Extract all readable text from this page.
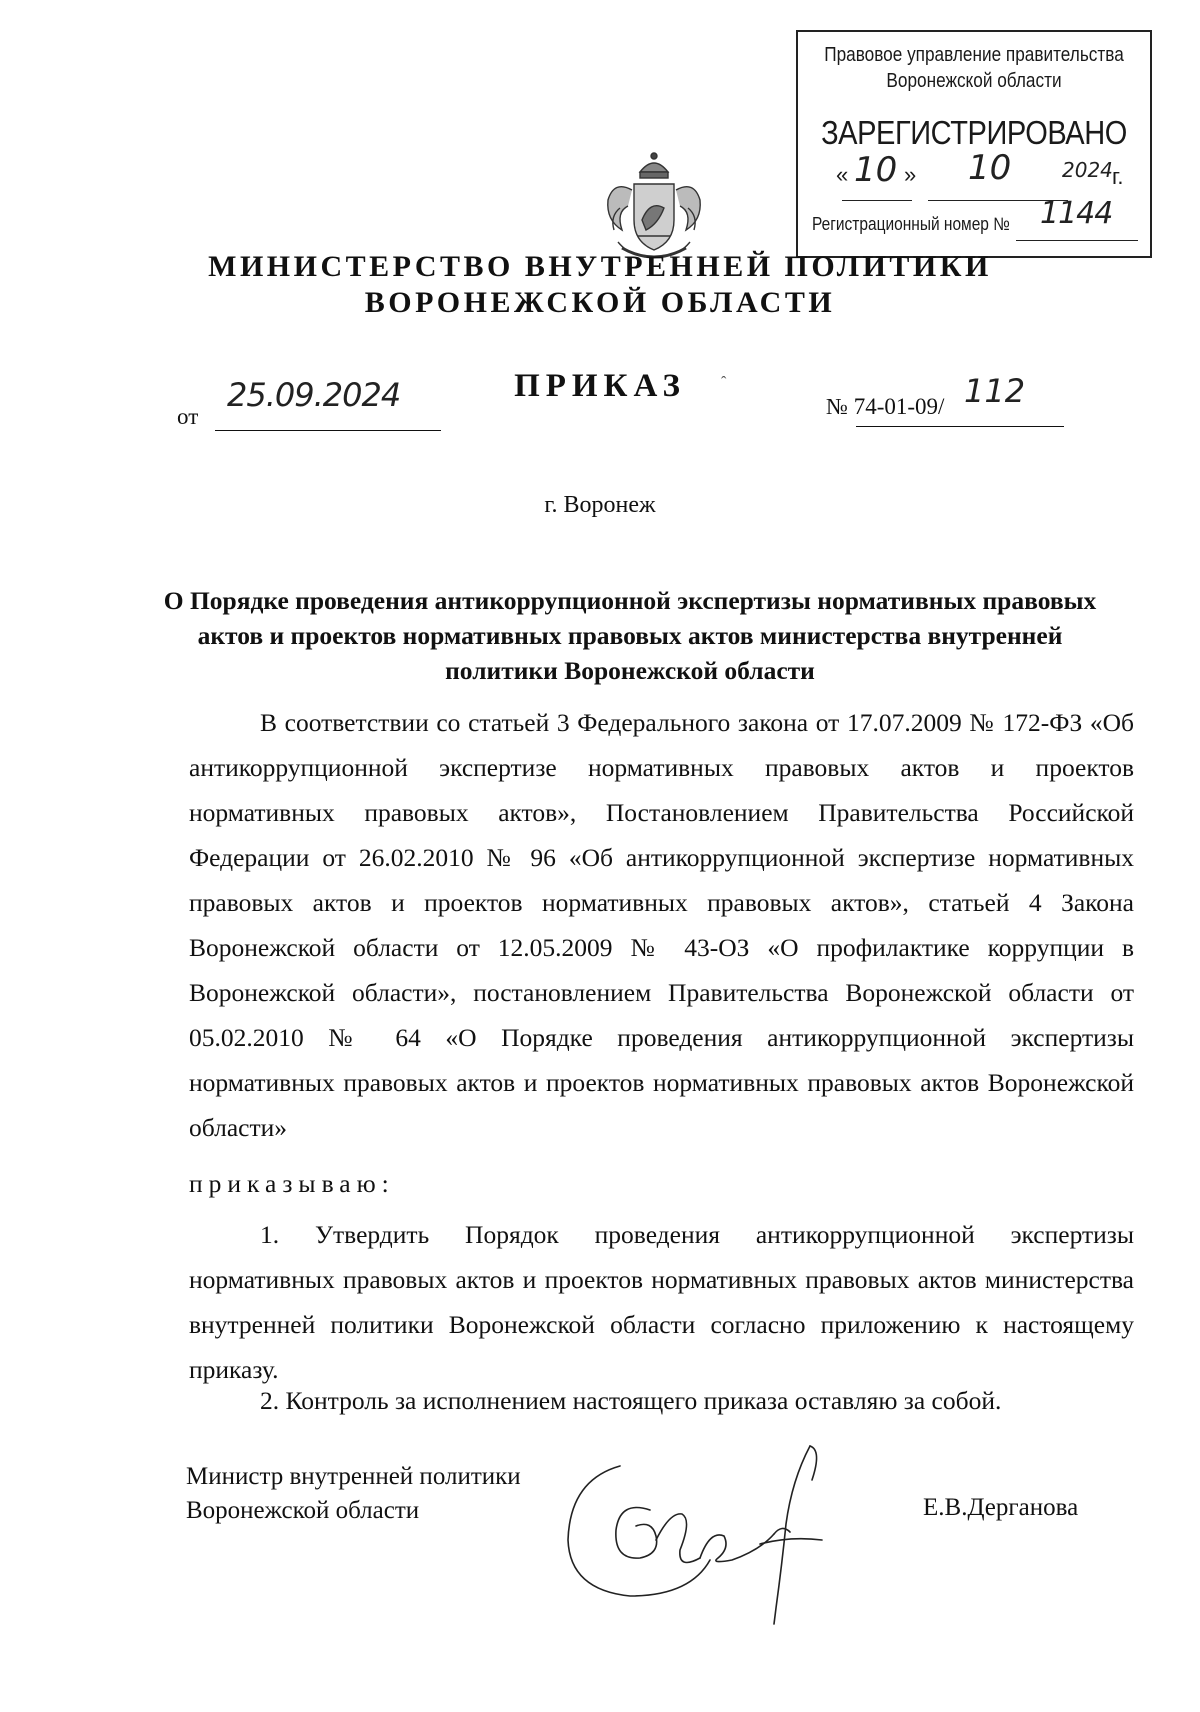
Правовое управление правительства
Воронежской области
ЗАРЕГИСТРИРОВАНО
« 10 » 10	2024 г.
Регистрационный номер № 1144
МИНИСТЕРСТВО ВНУТРЕННЕЙ ПОЛИТИКИ
ВОРОНЕЖСКОЙ ОБЛАСТИ
ПРИКАЗ	ˆ
от
25.09.2024	№ 74-01-09/ 112
г. Воронеж
О Порядке проведения антикоррупционной экспертизы нормативных правовых актов и проектов нормативных правовых актов министерства внутренней политики Воронежской области
В соответствии со статьей 3 Федерального закона от 17.07.2009 № 172-ФЗ «Об антикоррупционной экспертизе нормативных правовых актов и проектов нормативных правовых актов», Постановлением Правительства Российской Федерации от 26.02.2010 № 96 «Об антикоррупционной экспертизе нормативных правовых актов и проектов нормативных правовых актов», статьей 4 Закона Воронежской области от 12.05.2009 № 43-ОЗ «О профилактике коррупции в Воронежской области», постановлением Правительства Воронежской области от 05.02.2010 № 64 «О Порядке проведения антикоррупционной экспертизы нормативных правовых актов и проектов нормативных правовых актов Воронежской области»
приказываю:
1. Утвердить Порядок проведения антикоррупционной экспертизы нормативных правовых актов и проектов нормативных правовых актов министерства внутренней политики Воронежской области согласно приложению к настоящему приказу.
2. Контроль за исполнением настоящего приказа оставляю за собой.
Министр внутренней политики
Воронежской области	Е.В.Дерганова
